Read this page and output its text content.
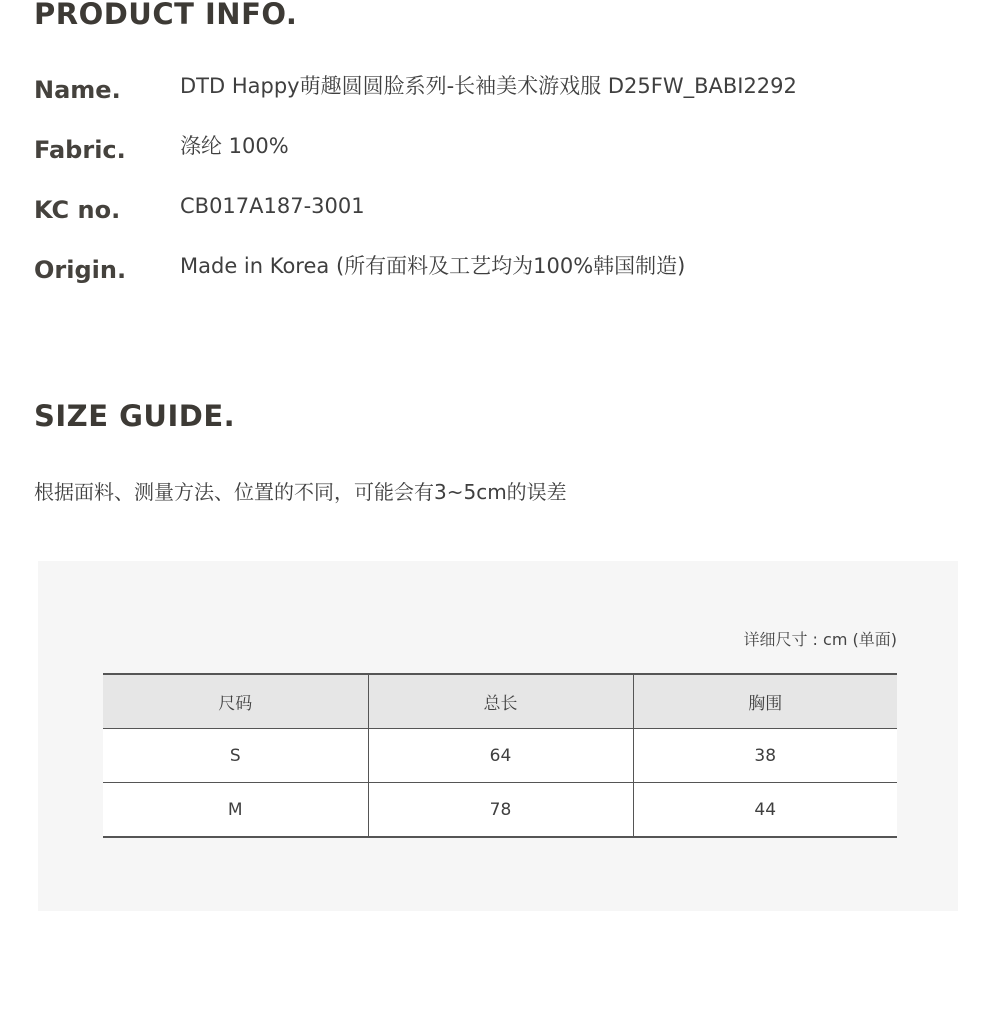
PRODUCT INFO.
Name.	DTD Happy萌趣圆圆脸系列-长袖美术游戏服 D25FW_BABI2292
Fabric.	涤纶 100%
KC no.	CB017A187-3001
Origin.	Made in Korea (所有面料及工艺均为100%韩国制造)
SIZE GUIDE.
根据面料、测量方法、位置的不同，可能会有3~5cm的误差
详细尺寸 : cm (单面)
尺码	总长	胸围
S	64	38
M	78	44
